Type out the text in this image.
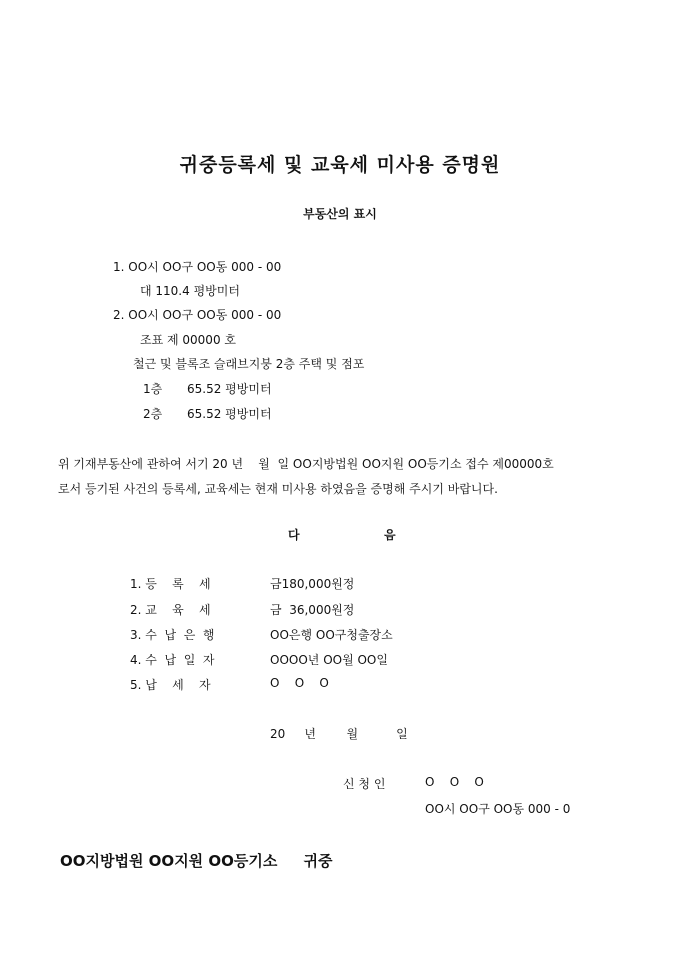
귀중등록세 및 교육세 미사용 증명원
부동산의 표시
1. OO시 OO구 OO동 000 - 00
대 110.4 평방미터
2. OO시 OO구 OO동 000 - 00
조표 제 00000 호
철근 및 블록조 슬래브지붕 2층 주택 및 점포
1층 65.52 평방미터
2층 65.52 평방미터
위 기재부동산에 관하여 서기 20 년    월  일 OO지방법원 OO지원 OO등기소 접수 제00000호
로서 등기된 사건의 등록세, 교육세는 현재 미사용 하였음을 증명해 주시기 바랍니다.
다	음
1. 등    록    세	금180,000원정
2. 교    육    세	금  36,000원정
3. 수  납  은  행	OO은행 OO구청출장소
4. 수  납  일  자	OOOO년 OO월 OO일
5. 납    세    자	O    O    O
20     년        월          일
신 청 인	O    O    O
OO시 OO구 OO동 000 - 0
OO지방법원 OO지원 OO등기소     귀중
